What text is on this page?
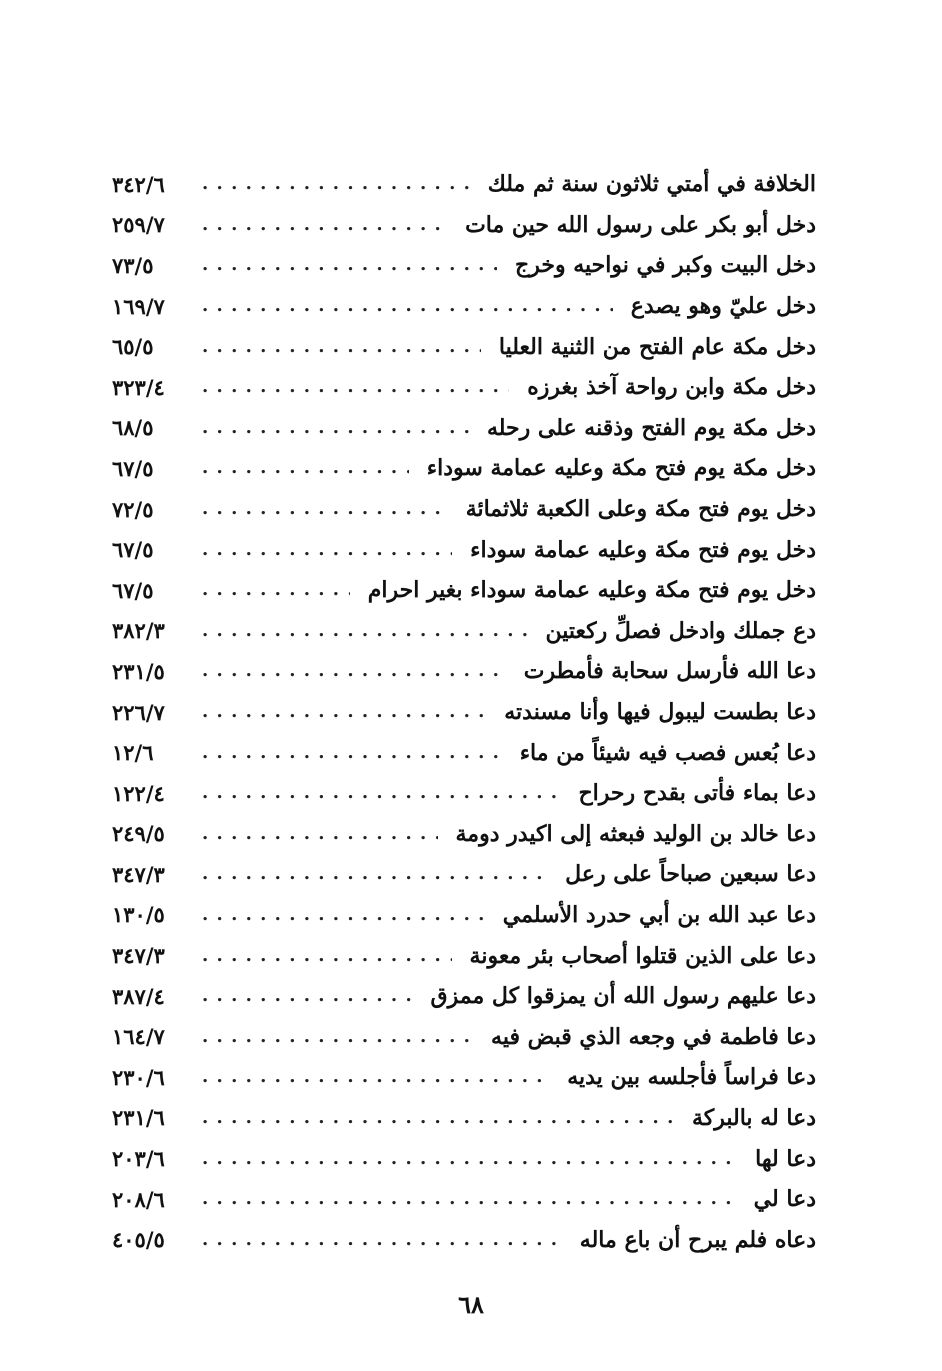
الخلافة في أمتي ثلاثون سنة ثم ملك
. . .
٣٤٢/٦
دخل أبو بكر على رسول الله حين مات
. . .
٢٥٩/٧
دخل البيت وكبر في نواحيه وخرج
. . .
٧٣/٥
دخل عليّ وهو يصدع
. . .
١٦٩/٧
دخل مكة عام الفتح من الثنية العليا
. . .
٦٥/٥
دخل مكة وابن رواحة آخذ بغرزه
. . .
٣٢٣/٤
دخل مكة يوم الفتح وذقنه على رحله
. . .
٦٨/٥
دخل مكة يوم فتح مكة وعليه عمامة سوداء
. . .
٦٧/٥
دخل يوم فتح مكة وعلى الكعبة ثلاثمائة
. . .
٧٢/٥
دخل يوم فتح مكة وعليه عمامة سوداء
. . .
٦٧/٥
دخل يوم فتح مكة وعليه عمامة سوداء بغير احرام
. . .
٦٧/٥
دع جملك وادخل فصلِّ ركعتين
. . .
٣٨٢/٣
دعا الله فأرسل سحابة فأمطرت
. . .
٢٣١/٥
دعا بطست ليبول فيها وأنا مسندته
. . .
٢٢٦/٧
دعا بُعس فصب فيه شيئاً من ماء
. . .
١٢/٦
دعا بماء فأتى بقدح رحراح
. . .
١٢٢/٤
دعا خالد بن الوليد فبعثه إلى اكيدر دومة
. . .
٢٤٩/٥
دعا سبعين صباحاً على رعل
. . .
٣٤٧/٣
دعا عبد الله بن أبي حدرد الأسلمي
. . .
١٣٠/٥
دعا على الذين قتلوا أصحاب بئر معونة
. . .
٣٤٧/٣
دعا عليهم رسول الله أن يمزقوا كل ممزق
. . .
٣٨٧/٤
دعا فاطمة في وجعه الذي قبض فيه
. . .
١٦٤/٧
دعا فراساً فأجلسه بين يديه
. . .
٢٣٠/٦
دعا له بالبركة
. . .
٢٣١/٦
دعا لها
. . .
٢٠٣/٦
دعا لي
. . .
٢٠٨/٦
دعاه فلم يبرح أن باع ماله
. . .
٤٠٥/٥
٦٨
